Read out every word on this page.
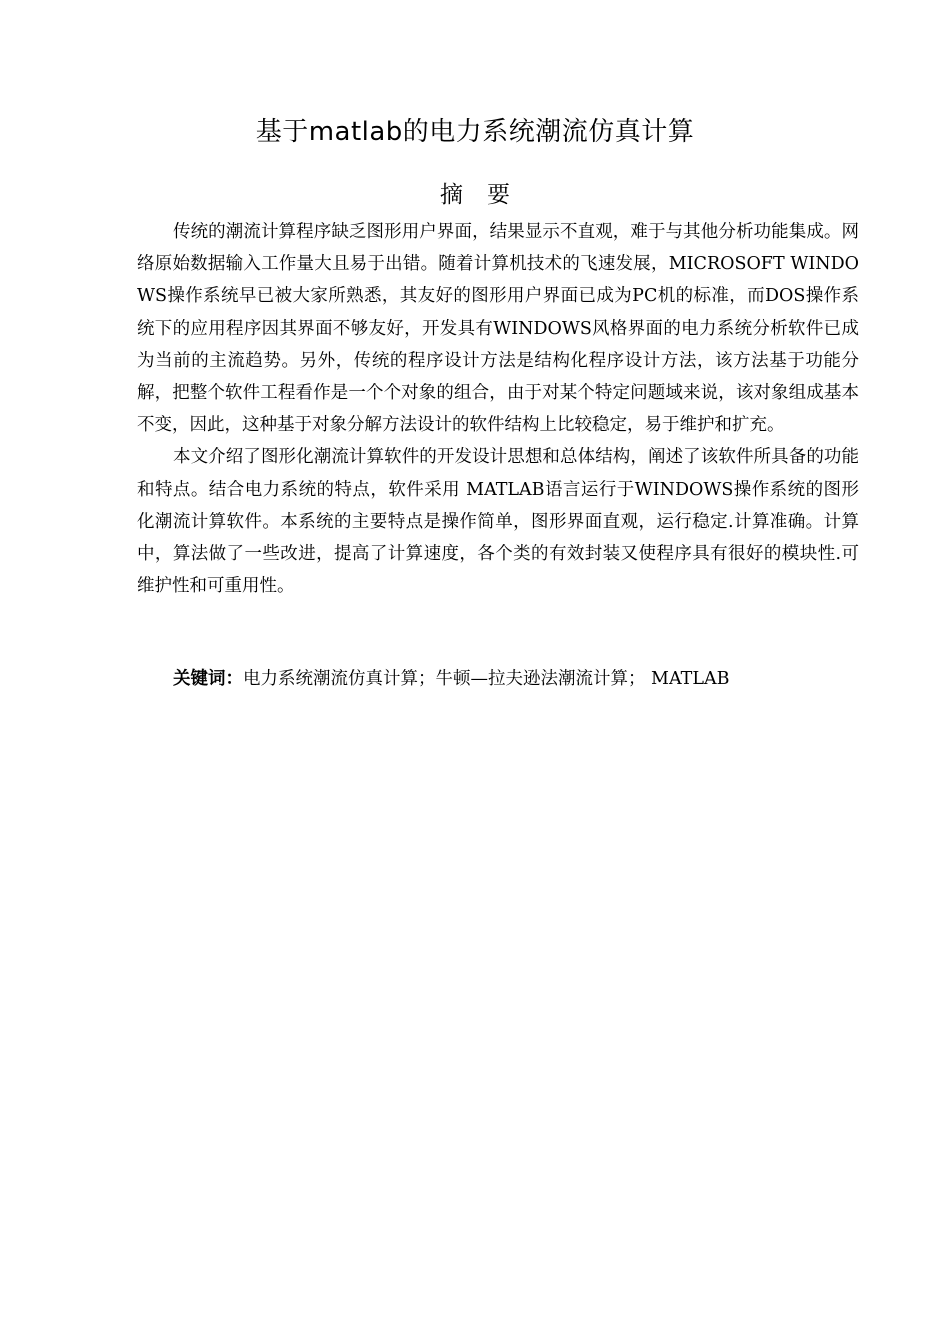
基于matlab的电力系统潮流仿真计算
摘要

传统的潮流计算程序缺乏图形用户界面，结果显示不直观，难于与其他分析功能集成。网络原始数据输入工作量大且易于出错。随着计算机技术的飞速发展，MICROSOFT WINDOWS操作系统早已被大家所熟悉，其友好的图形用户界面已成为PC机的标准，而DOS操作系统下的应用程序因其界面不够友好，开发具有WINDOWS风格界面的电力系统分析软件已成为当前的主流趋势。另外，传统的程序设计方法是结构化程序设计方法，该方法基于功能分解，把整个软件工程看作是一个个对象的组合，由于对某个特定问题域来说，该对象组成基本不变，因此，这种基于对象分解方法设计的软件结构上比较稳定，易于维护和扩充。

本文介绍了图形化潮流计算软件的开发设计思想和总体结构，阐述了该软件所具备的功能和特点。结合电力系统的特点，软件采用 MATLAB语言运行于WINDOWS操作系统的图形化潮流计算软件。本系统的主要特点是操作简单，图形界面直观，运行稳定.计算准确。计算中，算法做了一些改进，提高了计算速度，各个类的有效封装又使程序具有很好的模块性.可维护性和可重用性。

关键词：电力系统潮流仿真计算；牛顿—拉夫逊法潮流计算； MATLAB
